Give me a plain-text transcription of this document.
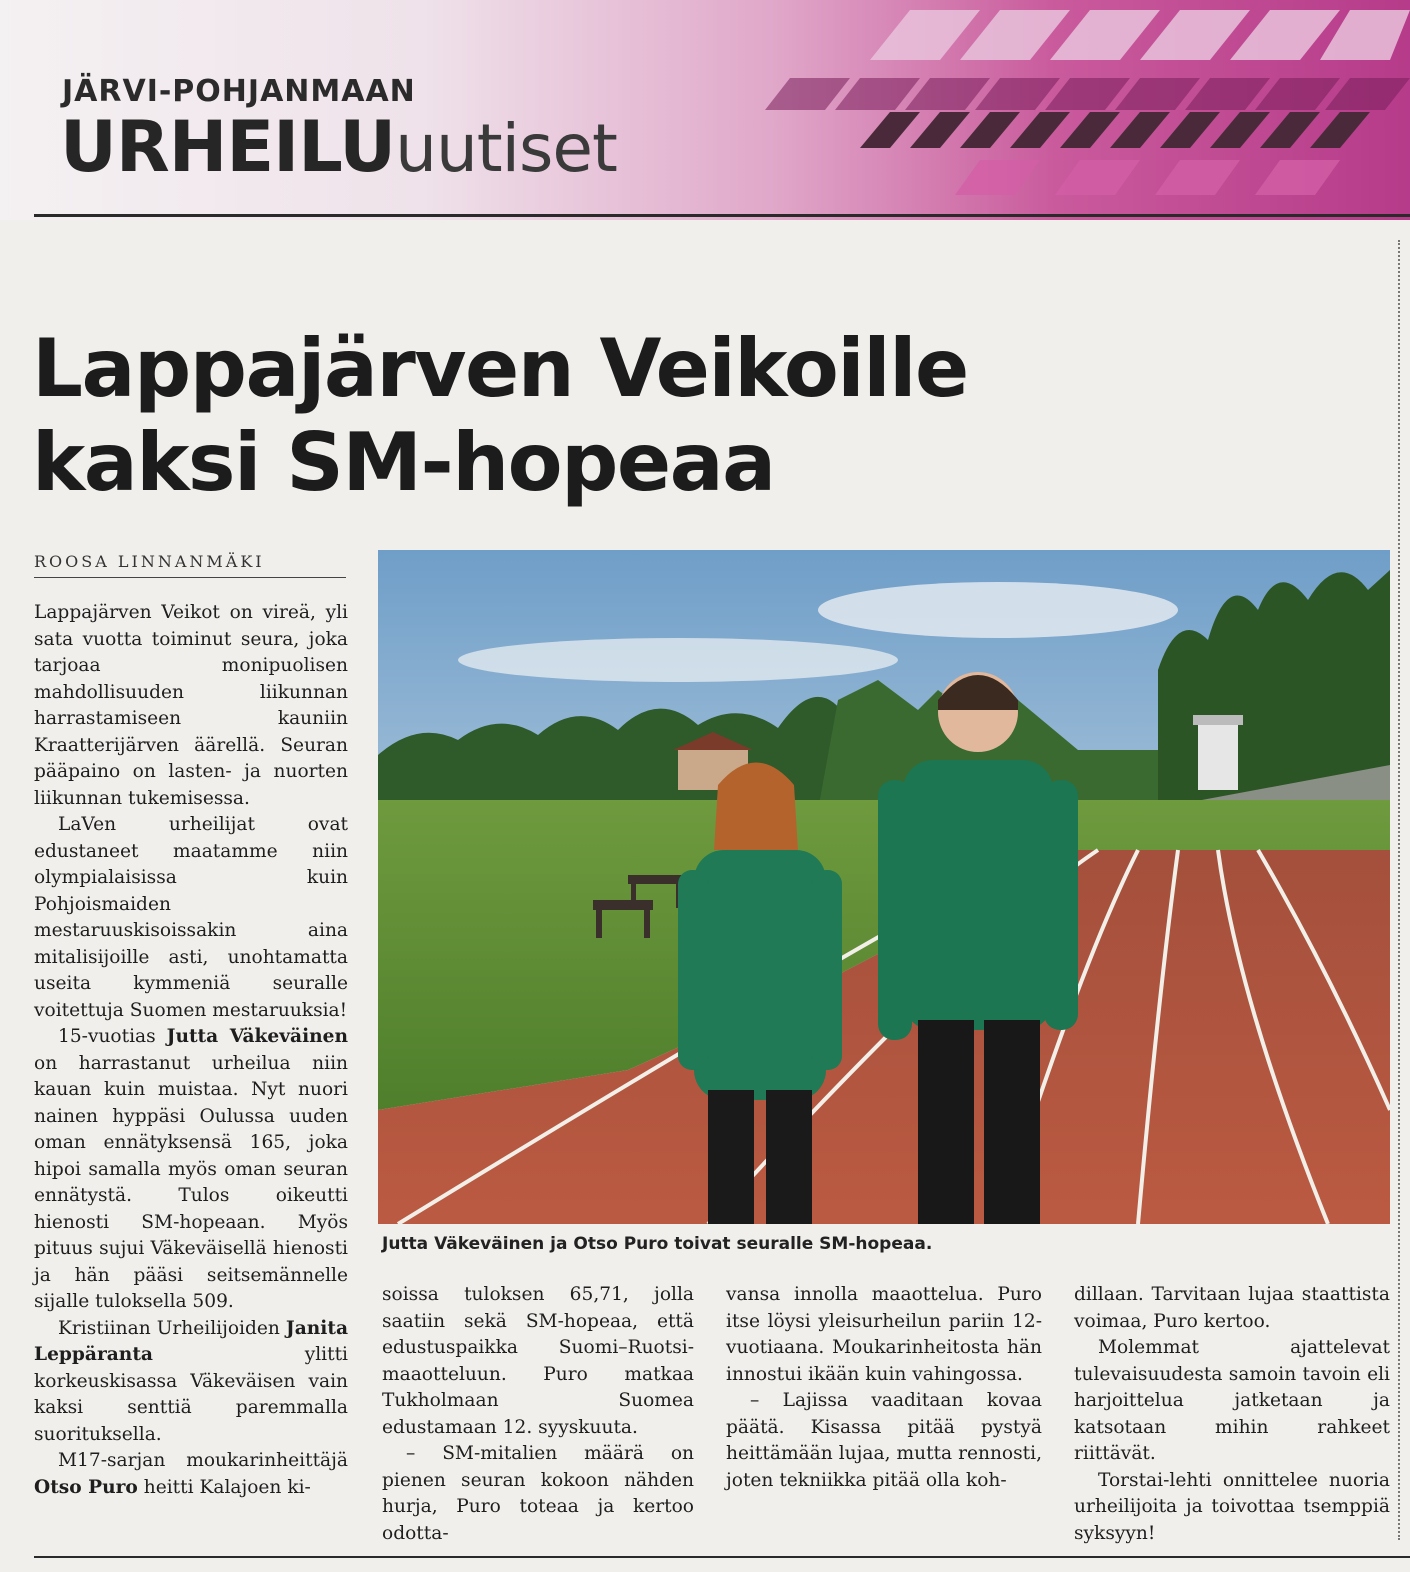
JÄRVI-POHJANMAAN
URHEILUuutiset
Lappajärven Veikoille
kaksi SM-hopeaa
ROOSA LINNANMÄKI

Lappajärven Veikot on vireä, yli sata vuotta toiminut seura, joka tarjoaa monipuolisen mahdollisuuden liikunnan harrastamiseen kauniin Kraatterijärven äärellä. Seuran pääpaino on lasten- ja nuorten liikunnan tukemisessa.

LaVen urheilijat ovat edustaneet maatamme niin olympialaisissa kuin Pohjoismaiden mestaruuskisoissakin aina mitalisijoille asti, unohtamatta useita kymmeniä seuralle voitettuja Suomen mestaruuksia!

15-vuotias Jutta Väkeväinen on harrastanut urheilua niin kauan kuin muistaa. Nyt nuori nainen hyppäsi Oulussa uuden oman ennätyksensä 165, joka hipoi samalla myös oman seuran ennätystä. Tulos oikeutti hienosti SM-hopeaan. Myös pituus sujui Väkeväisellä hienosti ja hän pääsi seitsemännelle sijalle tuloksella 509.

Kristiinan Urheilijoiden Janita Leppäranta ylitti korkeuskisassa Väkeväisen vain kaksi senttiä paremmalla suorituksella.

M17-sarjan moukarinheittäjä Otso Puro heitti Kalajoen ki-

Jutta Väkeväinen ja Otso Puro toivat seuralle SM-hopeaa.

soissa tuloksen 65,71, jolla saatiin sekä SM-hopeaa, että edustuspaikka Suomi–Ruotsi-maaotteluun. Puro matkaa Tukholmaan Suomea edustamaan 12. syyskuuta.

– SM-mitalien määrä on pienen seuran kokoon nähden hurja, Puro toteaa ja kertoo odotta-

vansa innolla maaottelua. Puro itse löysi yleisurheilun pariin 12-vuotiaana. Moukarinheitosta hän innostui ikään kuin vahingossa.

– Lajissa vaaditaan kovaa päätä. Kisassa pitää pystyä heittämään lujaa, mutta rennosti, joten tekniikka pitää olla koh-

dillaan. Tarvitaan lujaa staattista voimaa, Puro kertoo.

Molemmat ajattelevat tulevaisuudesta samoin tavoin eli harjoittelua jatketaan ja katsotaan mihin rahkeet riittävät.

Torstai-lehti onnittelee nuoria urheilijoita ja toivottaa tsemppiä syksyyn!
